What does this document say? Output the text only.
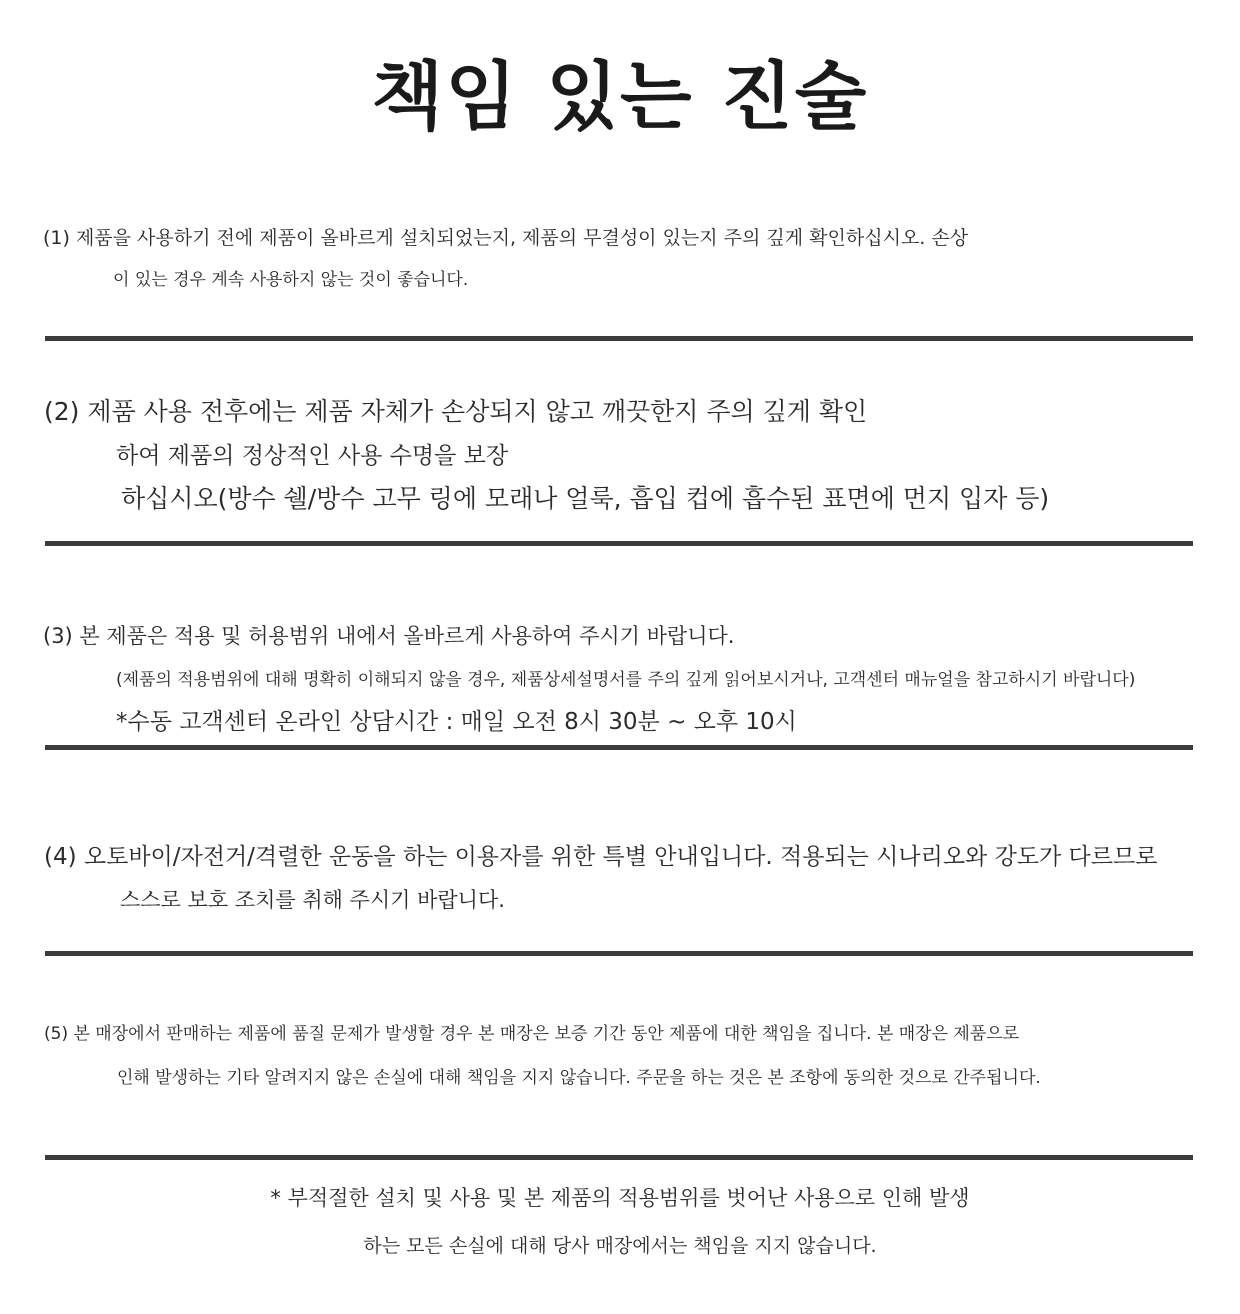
책임 있는 진술

(1) 제품을 사용하기 전에 제품이 올바르게 설치되었는지, 제품의 무결성이 있는지 주의 깊게 확인하십시오. 손상

이 있는 경우 계속 사용하지 않는 것이 좋습니다.

(2) 제품 사용 전후에는 제품 자체가 손상되지 않고 깨끗한지 주의 깊게 확인

하여 제품의 정상적인 사용 수명을 보장

하십시오(방수 쉘/방수 고무 링에 모래나 얼룩, 흡입 컵에 흡수된 표면에 먼지 입자 등)

(3) 본 제품은 적용 및 허용범위 내에서 올바르게 사용하여 주시기 바랍니다.

(제품의 적용범위에 대해 명확히 이해되지 않을 경우, 제품상세설명서를 주의 깊게 읽어보시거나, 고객센터 매뉴얼을 참고하시기 바랍니다)

*수동 고객센터 온라인 상담시간 : 매일 오전 8시 30분 ~ 오후 10시

(4) 오토바이/자전거/격렬한 운동을 하는 이용자를 위한 특별 안내입니다. 적용되는 시나리오와 강도가 다르므로

스스로 보호 조치를 취해 주시기 바랍니다.

(5) 본 매장에서 판매하는 제품에 품질 문제가 발생할 경우 본 매장은 보증 기간 동안 제품에 대한 책임을 집니다. 본 매장은 제품으로

인해 발생하는 기타 알려지지 않은 손실에 대해 책임을 지지 않습니다. 주문을 하는 것은 본 조항에 동의한 것으로 간주됩니다.

* 부적절한 설치 및 사용 및 본 제품의 적용범위를 벗어난 사용으로 인해 발생

하는 모든 손실에 대해 당사 매장에서는 책임을 지지 않습니다.
